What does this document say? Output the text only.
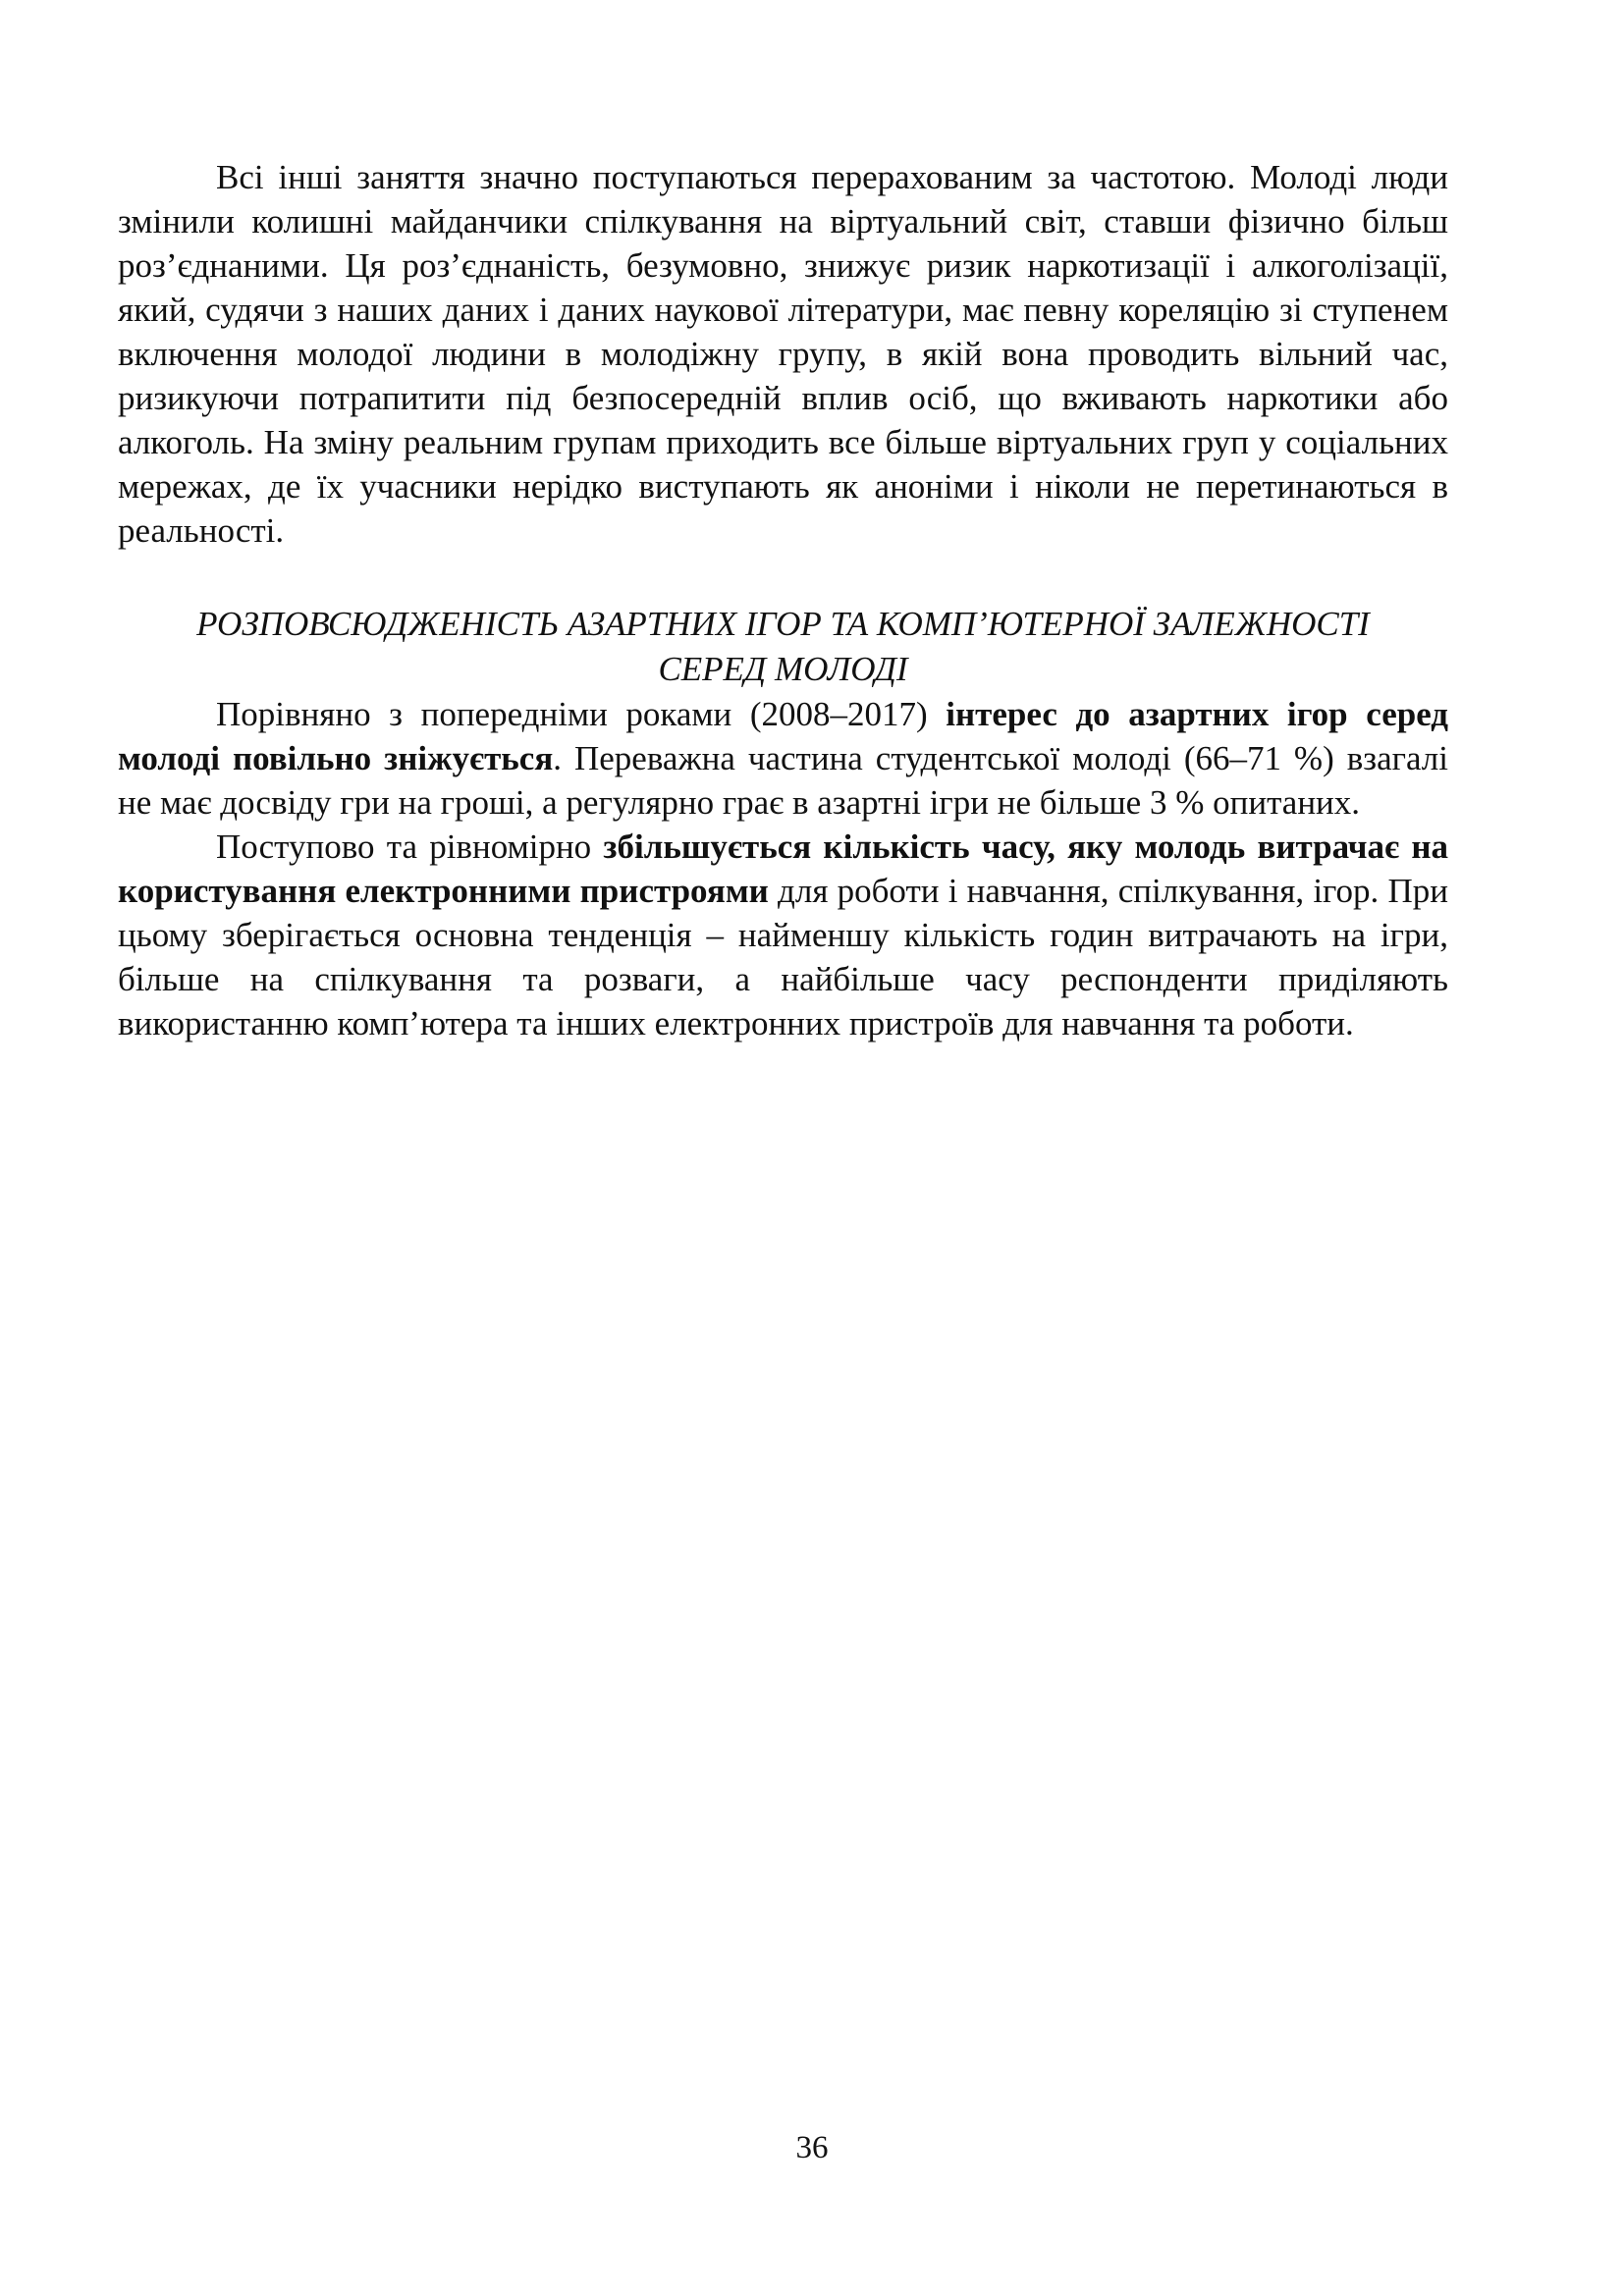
Всі інші заняття значно поступаються перерахованим за частотою. Молоді люди змінили колишні майданчики спілкування на віртуальний світ, ставши фізично більш роз’єднаними. Ця роз’єднаність, безумовно, знижує ризик наркотизації і алкоголізації, який, судячи з наших даних і даних наукової літератури, має певну кореляцію зі ступенем включення молодої людини в молодіжну групу, в якій вона проводить вільний час, ризикуючи потрапитити під безпосередній вплив осіб, що вживають наркотики або алкоголь. На зміну реальним групам приходить все більше віртуальних груп у соціальних мережах, де їх учасники нерідко виступають як аноніми і ніколи не перетинаються в реальності.

РОЗПОВСЮДЖЕНІСТЬ АЗАРТНИХ ІГОР ТА КОМП’ЮТЕРНОЇ ЗАЛЕЖНОСТІ
СЕРЕД МОЛОДІ

Порівняно з попередніми роками (2008–2017) інтерес до азартних ігор серед молоді повільно зніжується. Переважна частина студентської молоді (66–71 %) взагалі не має досвіду гри на гроші, а регулярно грає в азартні ігри не більше 3 % опитаних.

Поступово та рівномірно збільшується кількість часу, яку молодь витрачає на користування електронними пристроями для роботи і навчання, спілкування, ігор. При цьому зберігається основна тенденція – найменшу кількість годин витрачають на ігри, більше на спілкування та розваги, а найбільше часу респонденти приділяють використанню комп’ютера та інших електронних пристроїв для навчання та роботи.

36
